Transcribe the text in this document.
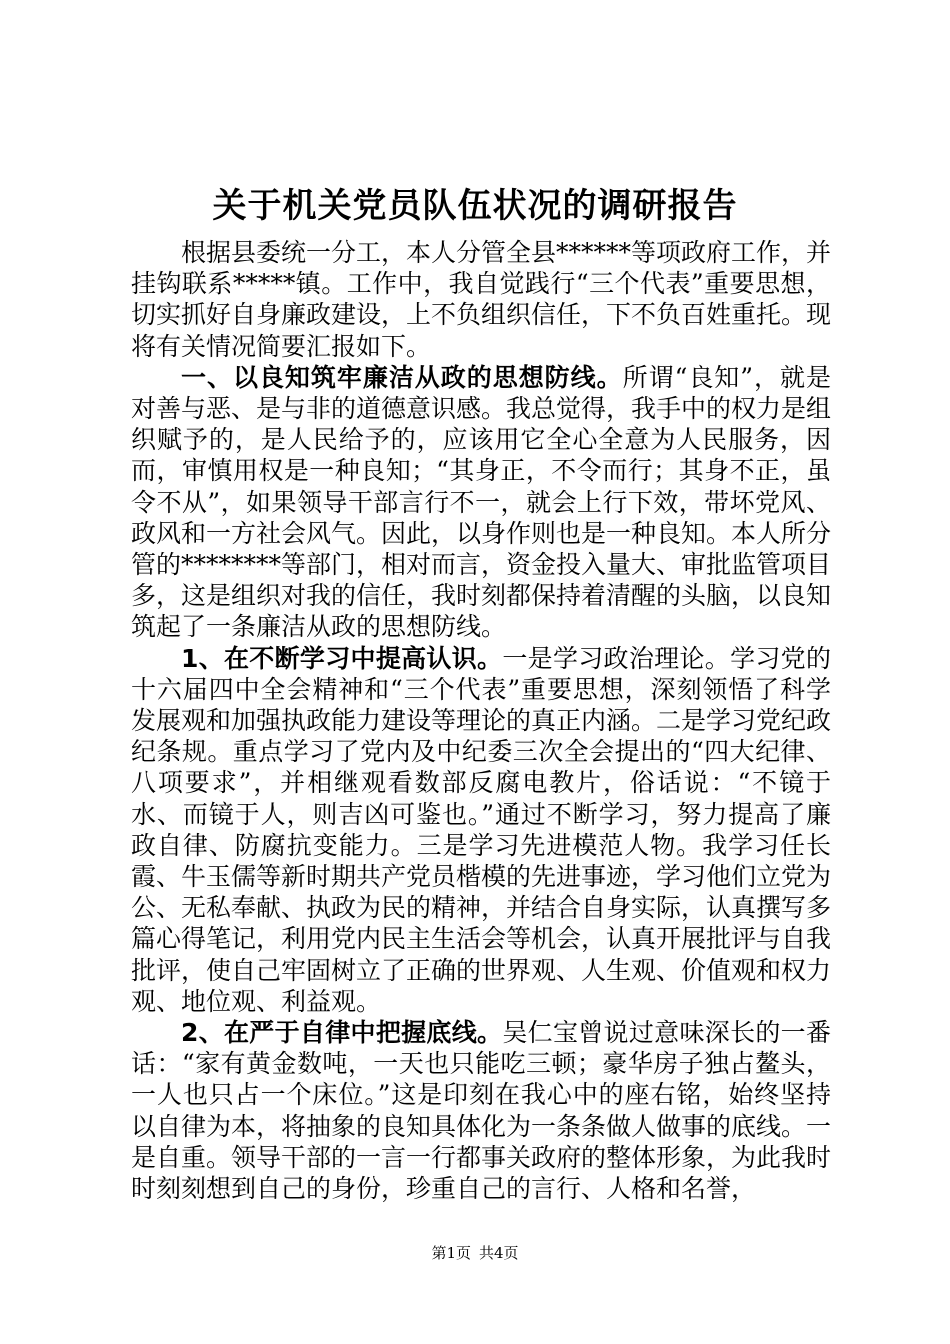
关于机关党员队伍状况的调研报告

根据县委统一分工，本人分管全县******等项政府工作，并挂钩联系*****镇。工作中，我自觉践行“三个代表”重要思想，切实抓好自身廉政建设，上不负组织信任，下不负百姓重托。现将有关情况简要汇报如下。

一、以良知筑牢廉洁从政的思想防线。所谓“良知”，就是对善与恶、是与非的道德意识感。我总觉得，我手中的权力是组织赋予的，是人民给予的，应该用它全心全意为人民服务，因而，审慎用权是一种良知；“其身正，不令而行；其身不正，虽令不从”，如果领导干部言行不一，就会上行下效，带坏党风、政风和一方社会风气。因此，以身作则也是一种良知。本人所分管的********等部门，相对而言，资金投入量大、审批监管项目多，这是组织对我的信任，我时刻都保持着清醒的头脑，以良知筑起了一条廉洁从政的思想防线。

1、在不断学习中提高认识。一是学习政治理论。学习党的十六届四中全会精神和“三个代表”重要思想，深刻领悟了科学发展观和加强执政能力建设等理论的真正内涵。二是学习党纪政纪条规。重点学习了党内及中纪委三次全会提出的“四大纪律、八项要求”，并相继观看数部反腐电教片，俗话说：“不镜于水、而镜于人，则吉凶可鉴也。”通过不断学习，努力提高了廉政自律、防腐抗变能力。三是学习先进模范人物。我学习任长霞、牛玉儒等新时期共产党员楷模的先进事迹，学习他们立党为公、无私奉献、执政为民的精神，并结合自身实际，认真撰写多篇心得笔记，利用党内民主生活会等机会，认真开展批评与自我批评，使自己牢固树立了正确的世界观、人生观、价值观和权力观、地位观、利益观。

2、在严于自律中把握底线。吴仁宝曾说过意味深长的一番话：“家有黄金数吨，一天也只能吃三顿；豪华房子独占鳌头，一人也只占一个床位。”这是印刻在我心中的座右铭，始终坚持以自律为本，将抽象的良知具体化为一条条做人做事的底线。一是自重。领导干部的一言一行都事关政府的整体形象，为此我时时刻刻想到自己的身份，珍重自己的言行、人格和名誉，

第1页 共4页
